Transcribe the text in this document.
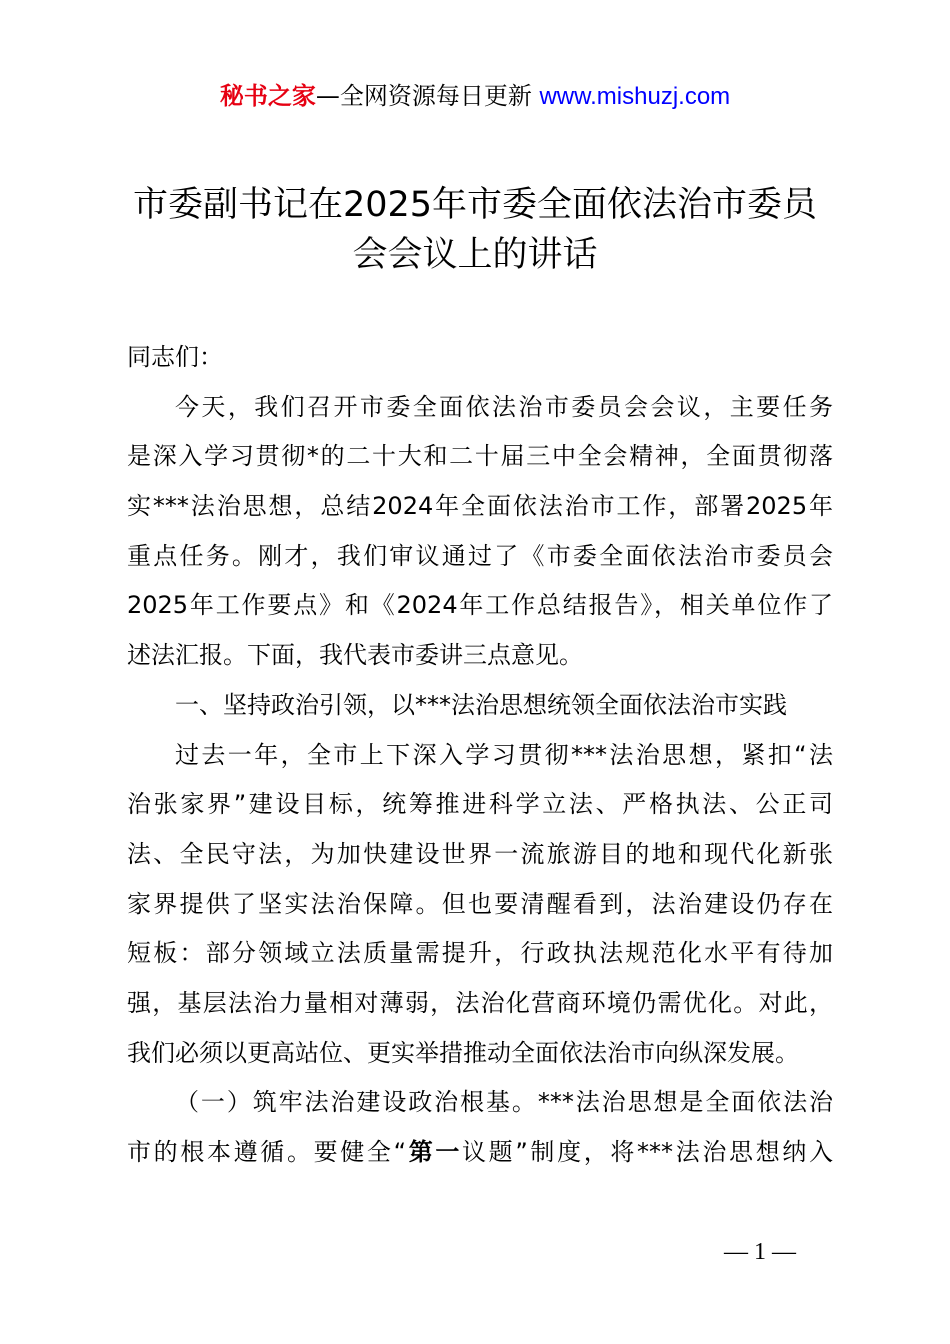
秘书之家—全网资源每日更新 www.mishuzj.com
市委副书记在2025年市委全面依法治市委员
会会议上的讲话
同志们：
今天，我们召开市委全面依法治市委员会会议，主要任务
是深入学习贯彻*的二十大和二十届三中全会精神，全面贯彻落
实***法治思想，总结2024年全面依法治市工作，部署2025年
重点任务。刚才，我们审议通过了《市委全面依法治市委员会
2025年工作要点》和《2024年工作总结报告》，相关单位作了
述法汇报。下面，我代表市委讲三点意见。
一、坚持政治引领，以***法治思想统领全面依法治市实践
过去一年，全市上下深入学习贯彻***法治思想，紧扣“法
治张家界”建设目标，统筹推进科学立法、严格执法、公正司
法、全民守法，为加快建设世界一流旅游目的地和现代化新张
家界提供了坚实法治保障。但也要清醒看到，法治建设仍存在
短板：部分领域立法质量需提升，行政执法规范化水平有待加
强，基层法治力量相对薄弱，法治化营商环境仍需优化。对此，
我们必须以更高站位、更实举措推动全面依法治市向纵深发展。
（一）筑牢法治建设政治根基。***法治思想是全面依法治
市的根本遵循。要健全“第一议题”制度，将***法治思想纳入
— 1 —
